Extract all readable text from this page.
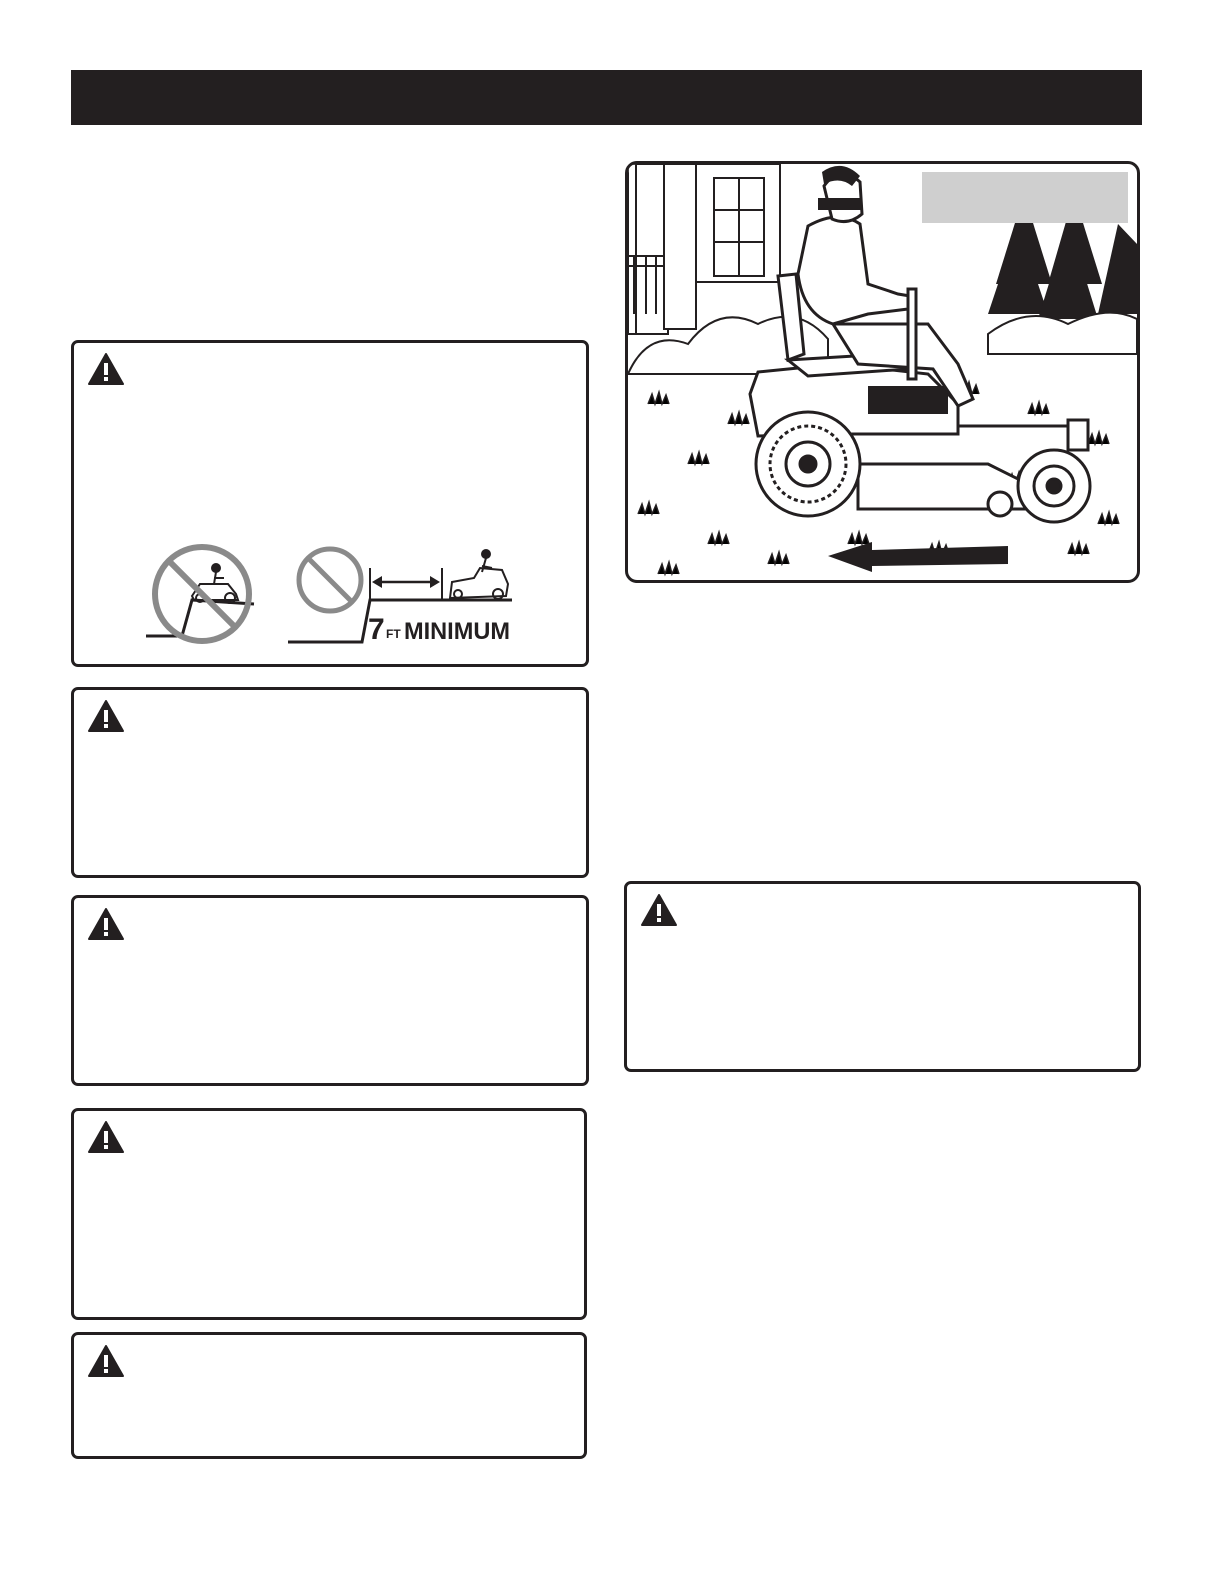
7 FT MINIMUM
